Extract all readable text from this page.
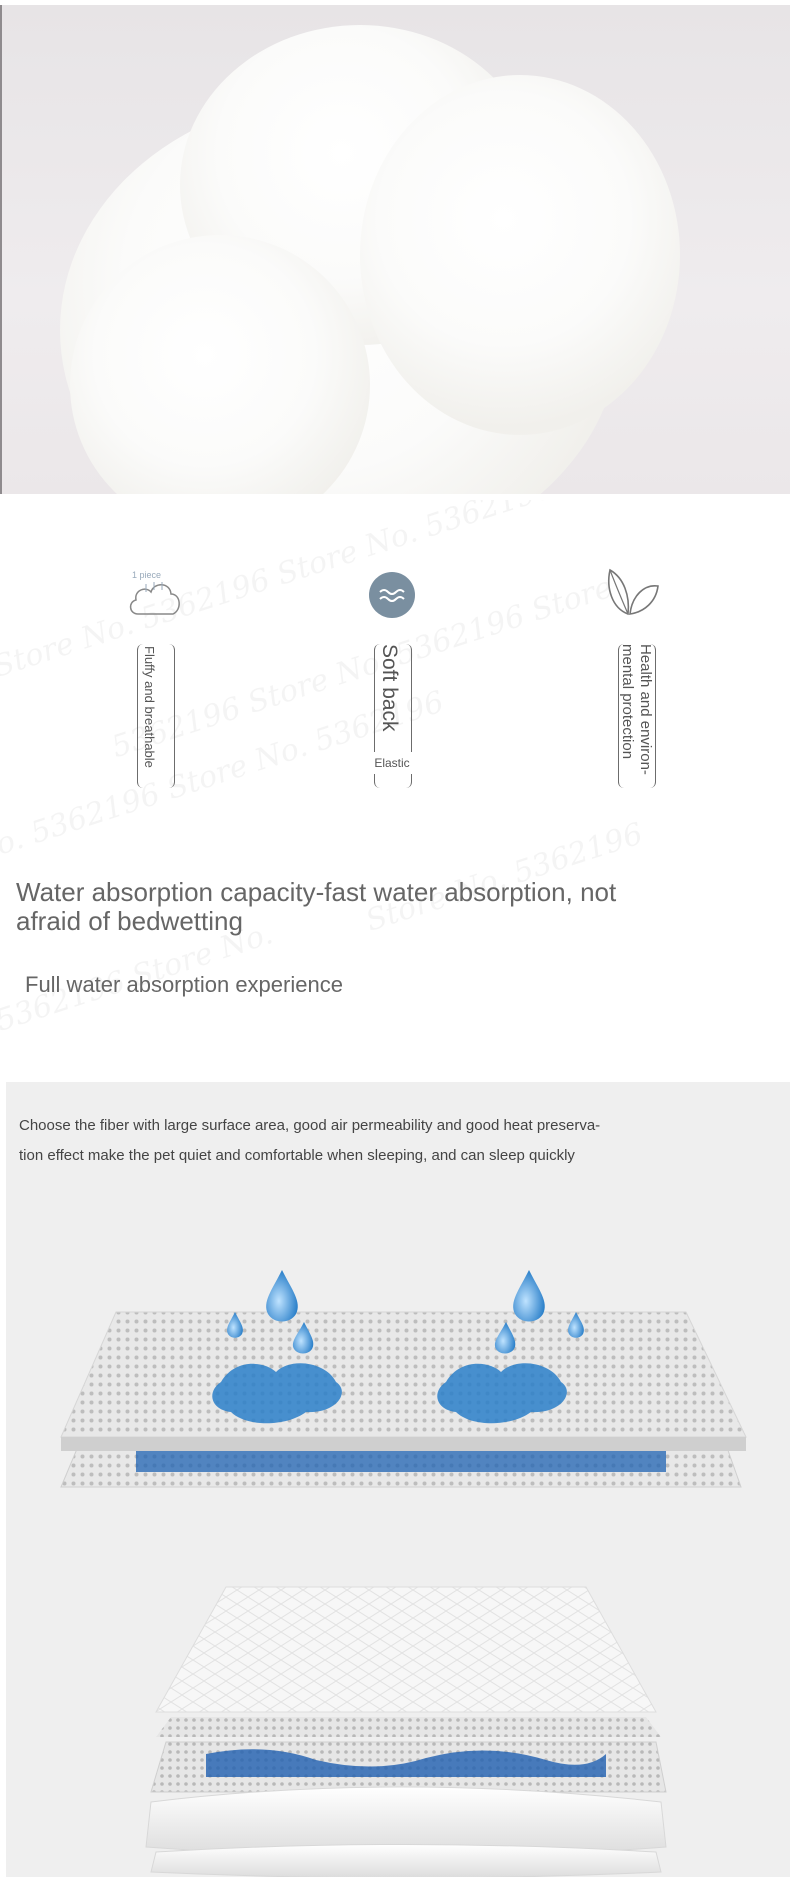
1 piece
Fluffy and breathable	Soft back
Elastic	Health and environ-mental protection
Water absorption capacity-fast water absorption, not
afraid of bedwetting
Full water absorption experience
Choose the fiber with large surface area, good air permeability and good heat preserva-
tion effect make the pet quiet and comfortable when sleeping, and can sleep quickly
